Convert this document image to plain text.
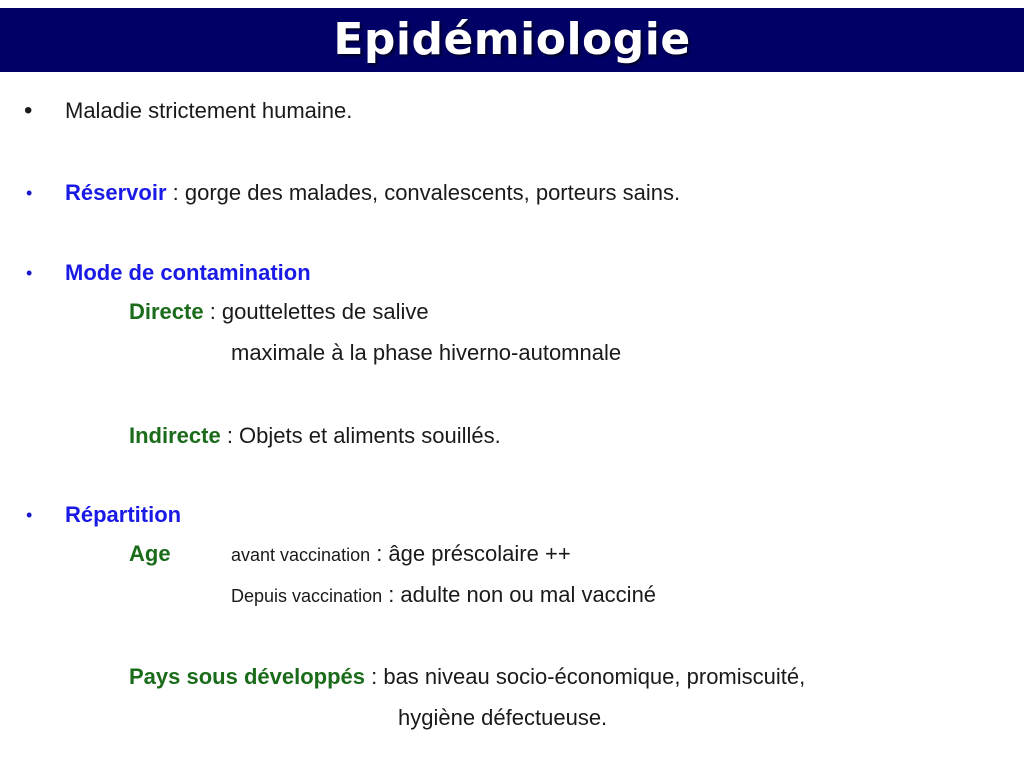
Epidémiologie
• Maladie strictement humaine.
• Réservoir : gorge des malades, convalescents, porteurs sains.
• Mode de contamination
Directe : gouttelettes de salive
maximale à la phase hiverno-automnale
Indirecte : Objets et aliments souillés.
• Répartition
Age	avant vaccination : âge préscolaire ++
Depuis vaccination : adulte non ou mal vacciné
Pays sous développés : bas niveau socio-économique, promiscuité,
hygiène défectueuse.
